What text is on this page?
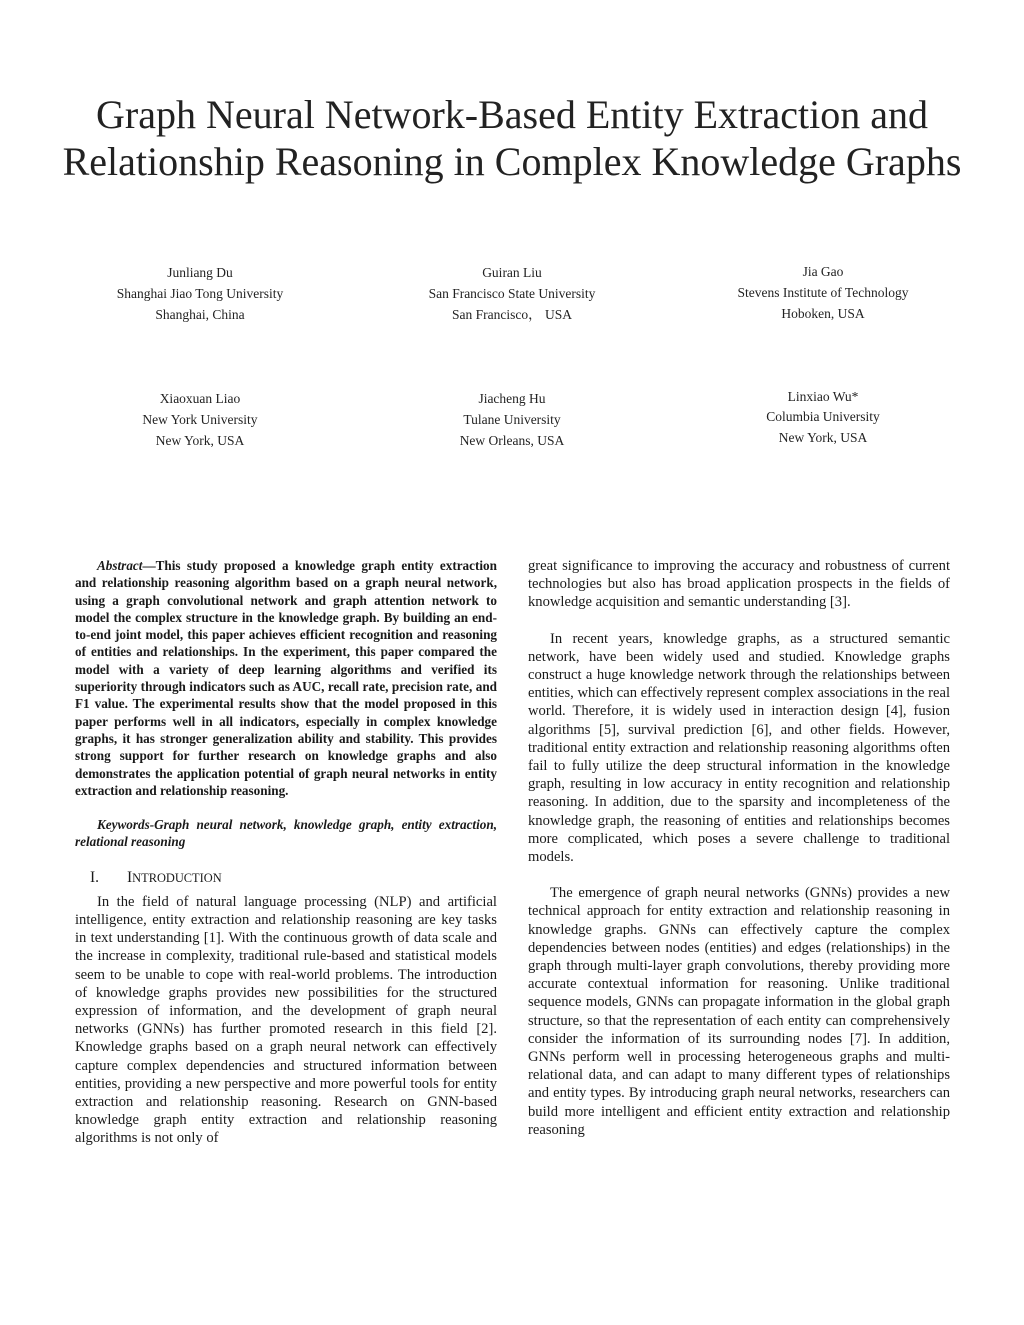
Graph Neural Network-Based Entity Extraction and Relationship Reasoning in Complex Knowledge Graphs
Junliang Du
Shanghai Jiao Tong University
Shanghai, China
Guiran Liu
San Francisco State University
San Francisco， USA
Jia Gao
Stevens Institute of Technology
Hoboken, USA
Xiaoxuan Liao
New York University
New York, USA
Jiacheng Hu
Tulane University
New Orleans, USA
Linxiao Wu*
Columbia University
New York, USA

Abstract—This study proposed a knowledge graph entity extraction and relationship reasoning algorithm based on a graph neural network, using a graph convolutional network and graph attention network to model the complex structure in the knowledge graph. By building an end-to-end joint model, this paper achieves efficient recognition and reasoning of entities and relationships. In the experiment, this paper compared the model with a variety of deep learning algorithms and verified its superiority through indicators such as AUC, recall rate, precision rate, and F1 value. The experimental results show that the model proposed in this paper performs well in all indicators, especially in complex knowledge graphs, it has stronger generalization ability and stability. This provides strong support for further research on knowledge graphs and also demonstrates the application potential of graph neural networks in entity extraction and relationship reasoning.

Keywords-Graph neural network, knowledge graph, entity extraction, relational reasoning

I. INTRODUCTION

In the field of natural language processing (NLP) and artificial intelligence, entity extraction and relationship reasoning are key tasks in text understanding [1]. With the continuous growth of data scale and the increase in complexity, traditional rule-based and statistical models seem to be unable to cope with real-world problems. The introduction of knowledge graphs provides new possibilities for the structured expression of information, and the development of graph neural networks (GNNs) has further promoted research in this field [2]. Knowledge graphs based on a graph neural network can effectively capture complex dependencies and structured information between entities, providing a new perspective and more powerful tools for entity extraction and relationship reasoning. Research on GNN-based knowledge graph entity extraction and relationship reasoning algorithms is not only of

great significance to improving the accuracy and robustness of current technologies but also has broad application prospects in the fields of knowledge acquisition and semantic understanding [3].

In recent years, knowledge graphs, as a structured semantic network, have been widely used and studied. Knowledge graphs construct a huge knowledge network through the relationships between entities, which can effectively represent complex associations in the real world. Therefore, it is widely used in interaction design [4], fusion algorithms [5], survival prediction [6], and other fields. However, traditional entity extraction and relationship reasoning algorithms often fail to fully utilize the deep structural information in the knowledge graph, resulting in low accuracy in entity recognition and relationship reasoning. In addition, due to the sparsity and incompleteness of the knowledge graph, the reasoning of entities and relationships becomes more complicated, which poses a severe challenge to traditional models.

The emergence of graph neural networks (GNNs) provides a new technical approach for entity extraction and relationship reasoning in knowledge graphs. GNNs can effectively capture the complex dependencies between nodes (entities) and edges (relationships) in the graph through multi-layer graph convolutions, thereby providing more accurate contextual information for reasoning. Unlike traditional sequence models, GNNs can propagate information in the global graph structure, so that the representation of each entity can comprehensively consider the information of its surrounding nodes [7]. In addition, GNNs perform well in processing heterogeneous graphs and multi-relational data, and can adapt to many different types of relationships and entity types. By introducing graph neural networks, researchers can build more intelligent and efficient entity extraction and relationship reasoning
